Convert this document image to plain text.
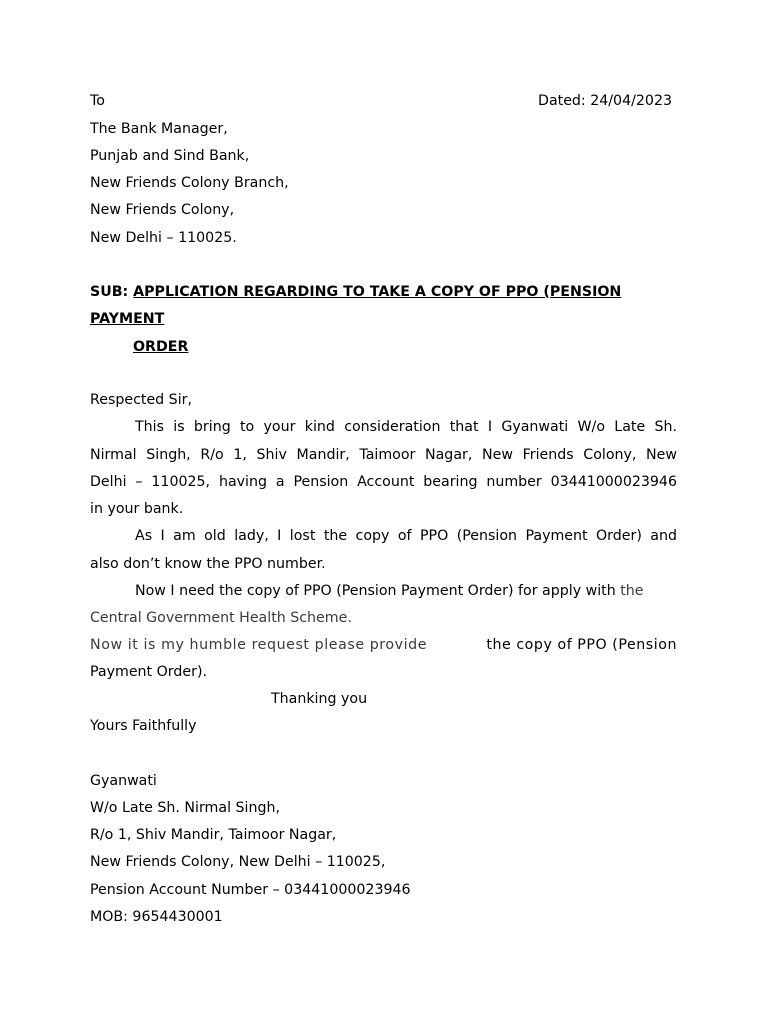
To	Dated: 24/04/2023
The Bank Manager,
Punjab and Sind Bank,
New Friends Colony Branch,
New Friends Colony,
New Delhi – 110025.
SUB: APPLICATION REGARDING TO TAKE A COPY OF PPO (PENSION
PAYMENT
ORDER
Respected Sir,
This is bring to your kind consideration that I Gyanwati W/o Late Sh.
Nirmal Singh, R/o 1, Shiv Mandir, Taimoor Nagar, New Friends Colony, New
Delhi – 110025, having a Pension Account bearing number 03441000023946
in your bank.
As I am old lady, I lost the copy of PPO (Pension Payment Order) and
also don’t know the PPO number.
Now I need the copy of PPO (Pension Payment Order) for apply with the
Central Government Health Scheme.
Now it is my humble request please provide	the copy of PPO (Pension
Payment Order).
Thanking you
Yours Faithfully
Gyanwati
W/o Late Sh. Nirmal Singh,
R/o 1, Shiv Mandir, Taimoor Nagar,
New Friends Colony, New Delhi – 110025,
Pension Account Number – 03441000023946
MOB: 9654430001
